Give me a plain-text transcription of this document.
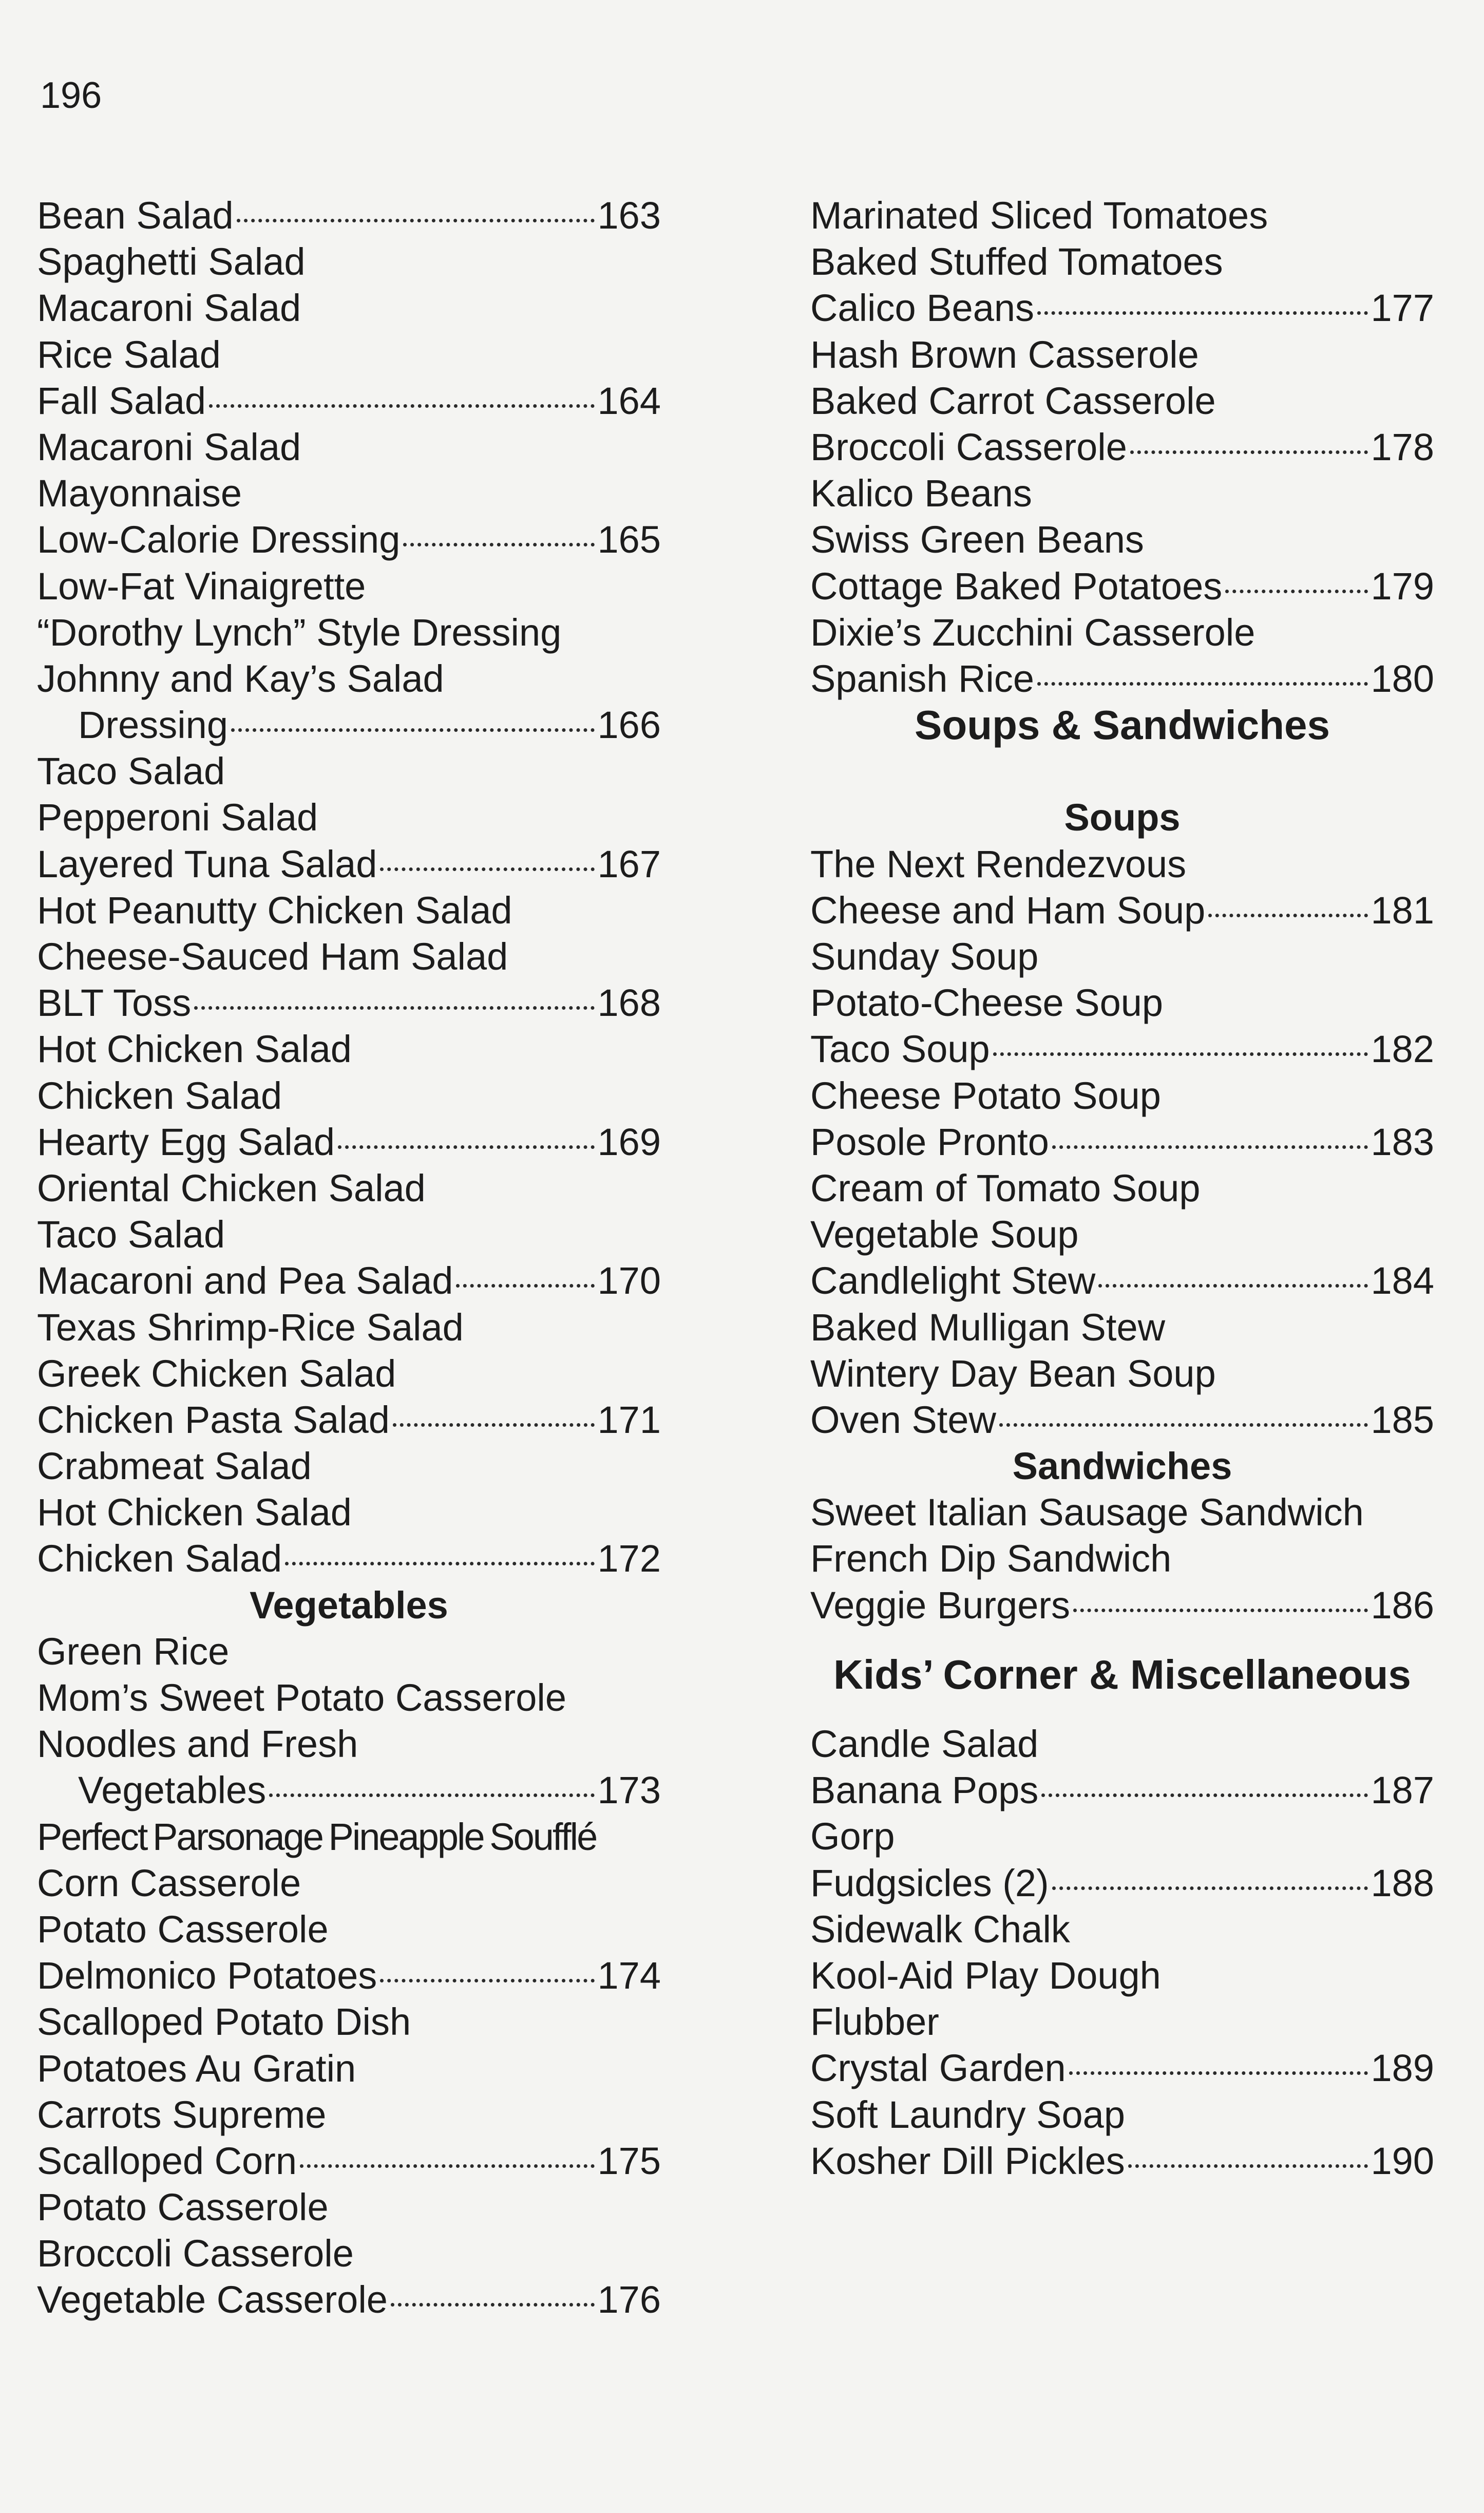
196
Bean Salad	163
Spaghetti Salad
Macaroni Salad
Rice Salad
Fall Salad	164
Macaroni Salad
Mayonnaise
Low-Calorie Dressing	165
Low-Fat Vinaigrette
“Dorothy Lynch” Style Dressing
Johnny and Kay’s Salad
Dressing	166
Taco Salad
Pepperoni Salad
Layered Tuna Salad	167
Hot Peanutty Chicken Salad
Cheese-Sauced Ham Salad
BLT Toss	168
Hot Chicken Salad
Chicken Salad
Hearty Egg Salad	169
Oriental Chicken Salad
Taco Salad
Macaroni and Pea Salad	170
Texas Shrimp-Rice Salad
Greek Chicken Salad
Chicken Pasta Salad	171
Crabmeat Salad
Hot Chicken Salad
Chicken Salad	172
Vegetables
Green Rice
Mom’s Sweet Potato Casserole
Noodles and Fresh
Vegetables	173
Perfect Parsonage Pineapple Soufflé
Corn Casserole
Potato Casserole
Delmonico Potatoes	174
Scalloped Potato Dish
Potatoes Au Gratin
Carrots Supreme
Scalloped Corn	175
Potato Casserole
Broccoli Casserole
Vegetable Casserole	176
Marinated Sliced Tomatoes
Baked Stuffed Tomatoes
Calico Beans	177
Hash Brown Casserole
Baked Carrot Casserole
Broccoli Casserole	178
Kalico Beans
Swiss Green Beans
Cottage Baked Potatoes	179
Dixie’s Zucchini Casserole
Spanish Rice	180
Soups & Sandwiches
Soups
The Next Rendezvous
Cheese and Ham Soup	181
Sunday Soup
Potato-Cheese Soup
Taco Soup	182
Cheese Potato Soup
Posole Pronto	183
Cream of Tomato Soup
Vegetable Soup
Candlelight Stew	184
Baked Mulligan Stew
Wintery Day Bean Soup
Oven Stew	185
Sandwiches
Sweet Italian Sausage Sandwich
French Dip Sandwich
Veggie Burgers	186
Kids’ Corner & Miscellaneous
Candle Salad
Banana Pops	187
Gorp
Fudgsicles (2)	188
Sidewalk Chalk
Kool-Aid Play Dough
Flubber
Crystal Garden	189
Soft Laundry Soap
Kosher Dill Pickles	190
